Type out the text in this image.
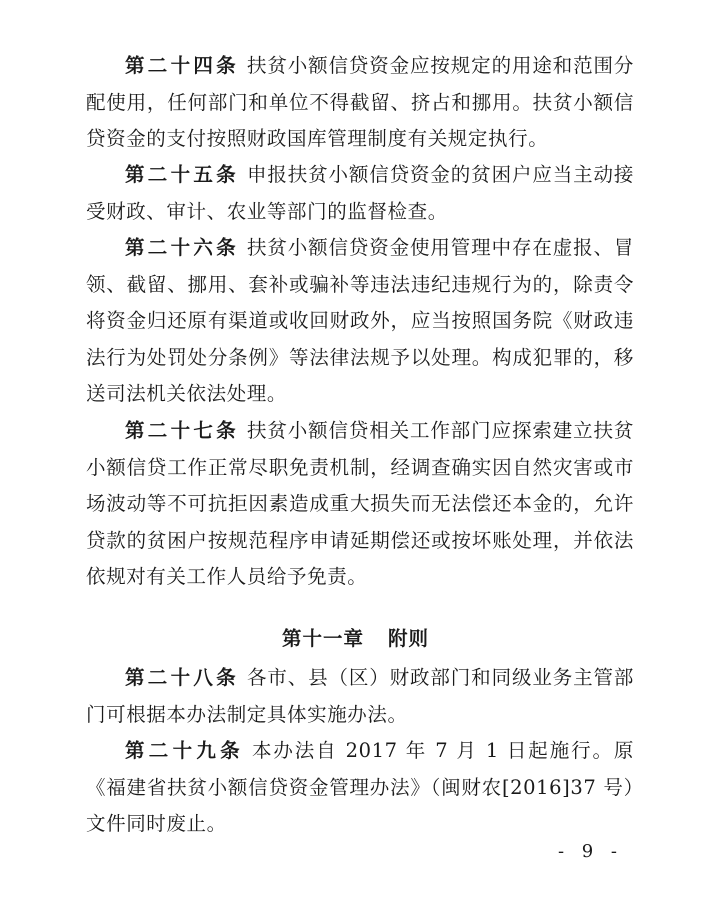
第二十四条 扶贫小额信贷资金应按规定的用途和范围分配使用，任何部门和单位不得截留、挤占和挪用。扶贫小额信贷资金的支付按照财政国库管理制度有关规定执行。

第二十五条 申报扶贫小额信贷资金的贫困户应当主动接受财政、审计、农业等部门的监督检查。

第二十六条 扶贫小额信贷资金使用管理中存在虚报、冒领、截留、挪用、套补或骗补等违法违纪违规行为的，除责令将资金归还原有渠道或收回财政外，应当按照国务院《财政违法行为处罚处分条例》等法律法规予以处理。构成犯罪的，移送司法机关依法处理。

第二十七条 扶贫小额信贷相关工作部门应探索建立扶贫小额信贷工作正常尽职免责机制，经调查确实因自然灾害或市场波动等不可抗拒因素造成重大损失而无法偿还本金的，允许贷款的贫困户按规范程序申请延期偿还或按坏账处理，并依法依规对有关工作人员给予免责。

第十一章 附则

第二十八条 各市、县（区）财政部门和同级业务主管部门可根据本办法制定具体实施办法。

第二十九条 本办法自 2017 年 7 月 1 日起施行。原《福建省扶贫小额信贷资金管理办法》（闽财农[2016]37 号）文件同时废止。

- 9 -
